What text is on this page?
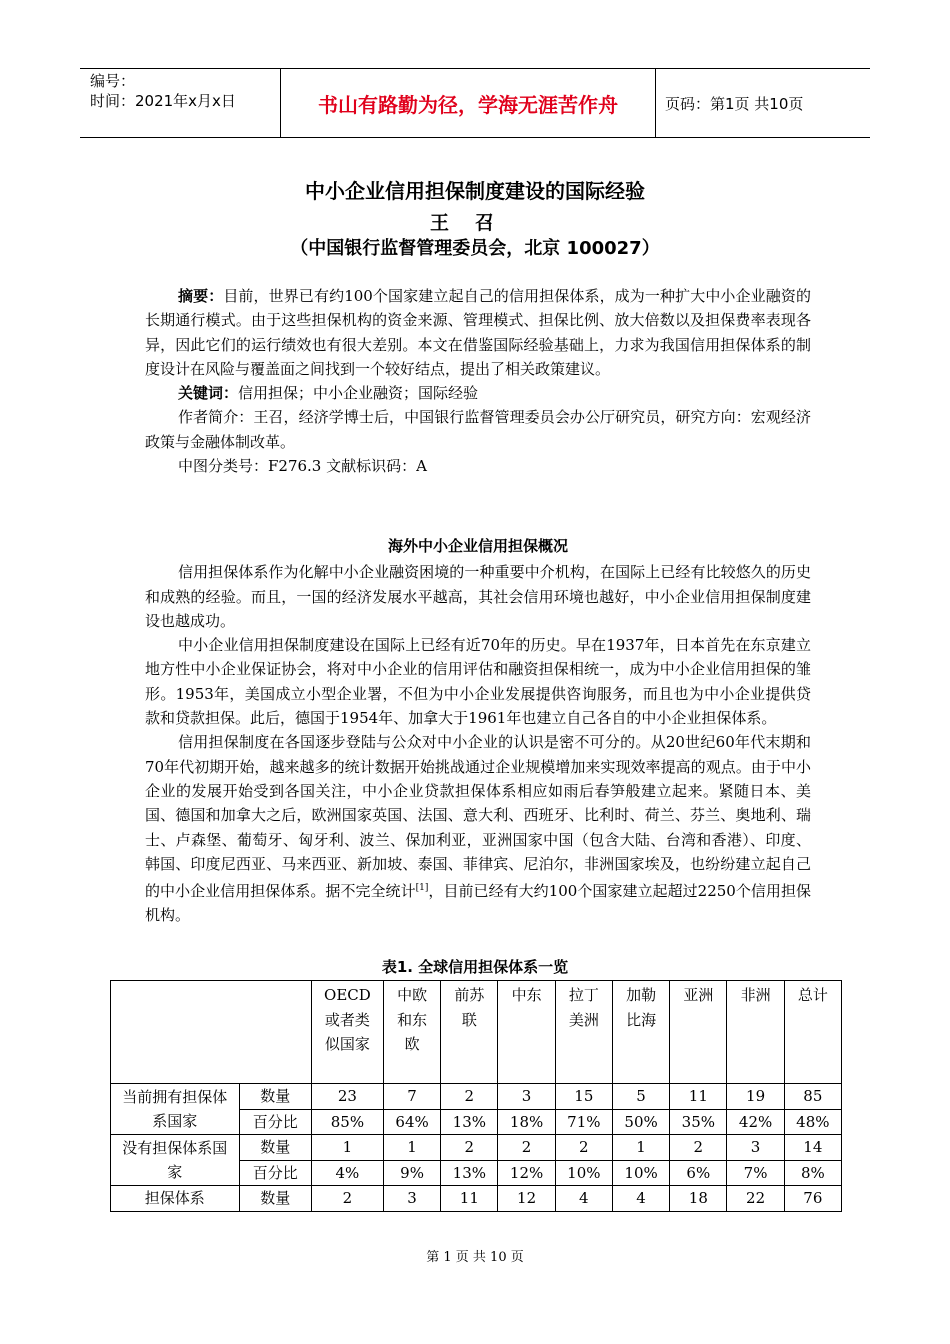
编号：
时间：2021年x月x日	书山有路勤为径，学海无涯苦作舟	页码：第1页 共10页
中小企业信用担保制度建设的国际经验
王召
（中国银行监督管理委员会，北京 100027）

摘要：目前，世界已有约100个国家建立起自己的信用担保体系，成为一种扩大中小企业融资的长期通行模式。由于这些担保机构的资金来源、管理模式、担保比例、放大倍数以及担保费率表现各异，因此它们的运行绩效也有很大差别。本文在借鉴国际经验基础上，力求为我国信用担保体系的制度设计在风险与覆盖面之间找到一个较好结点，提出了相关政策建议。

关键词：信用担保；中小企业融资；国际经验

作者简介：王召，经济学博士后，中国银行监督管理委员会办公厅研究员，研究方向：宏观经济政策与金融体制改革。

中图分类号：F276.3 文献标识码：A

海外中小企业信用担保概况

信用担保体系作为化解中小企业融资困境的一种重要中介机构，在国际上已经有比较悠久的历史和成熟的经验。而且，一国的经济发展水平越高，其社会信用环境也越好，中小企业信用担保制度建设也越成功。

中小企业信用担保制度建设在国际上已经有近70年的历史。早在1937年，日本首先在东京建立地方性中小企业保证协会，将对中小企业的信用评估和融资担保相统一，成为中小企业信用担保的雏形。1953年，美国成立小型企业署，不但为中小企业发展提供咨询服务，而且也为中小企业提供贷款和贷款担保。此后，德国于1954年、加拿大于1961年也建立自己各自的中小企业担保体系。

信用担保制度在各国逐步登陆与公众对中小企业的认识是密不可分的。从20世纪60年代末期和70年代初期开始，越来越多的统计数据开始挑战通过企业规模增加来实现效率提高的观点。由于中小企业的发展开始受到各国关注，中小企业贷款担保体系相应如雨后春笋般建立起来。紧随日本、美国、德国和加拿大之后，欧洲国家英国、法国、意大利、西班牙、比利时、荷兰、芬兰、奥地利、瑞士、卢森堡、葡萄牙、匈牙利、波兰、保加利亚，亚洲国家中国（包含大陆、台湾和香港）、印度、韩国、印度尼西亚、马来西亚、新加坡、泰国、菲律宾、尼泊尔，非洲国家埃及，也纷纷建立起自己的中小企业信用担保体系。据不完全统计[1]，目前已经有大约100个国家建立起超过2250个信用担保机构。

表1. 全球信用担保体系一览
		OECD或者类似国家	中欧和东欧	前苏联	中东	拉丁美洲	加勒比海	亚洲	非洲	总计
当前拥有担保体系国家	数量	23	7	2	3	15	5	11	19	85
	百分比	85%	64%	13%	18%	71%	50%	35%	42%	48%
没有担保体系国家	数量	1	1	2	2	2	1	2	3	14
	百分比	4%	9%	13%	12%	10%	10%	6%	7%	8%
担保体系	数量	2	3	11	12	4	4	18	22	76
第 1 页 共 10 页
